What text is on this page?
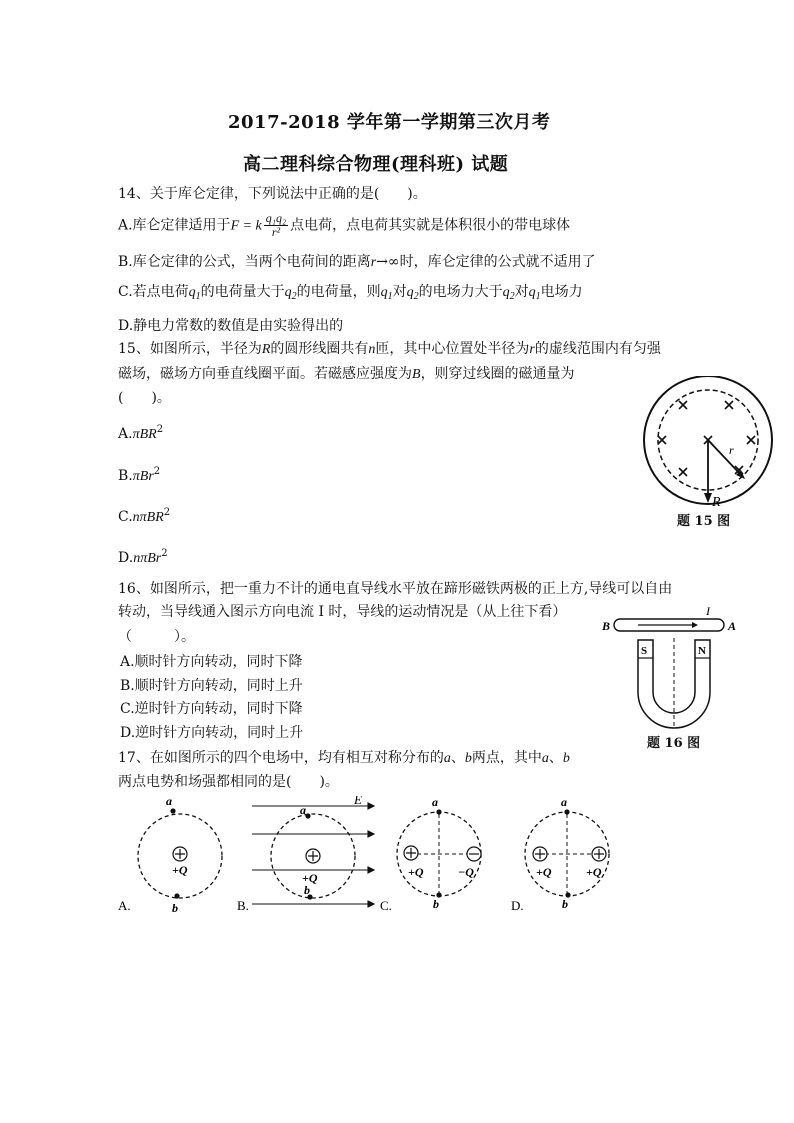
2017-2018 学年第一学期第三次月考
高二理科综合物理(理科班) 试题
14、关于库仑定律，下列说法中正确的是(　　)。
A.库仑定律适用于F = k $\frac{\text{q₁q₂}}{\text{r²}}$ 点电荷，点电荷其实就是体积很小的带电球体
B.库仑定律的公式，当两个电荷间的距离r→∞时，库仑定律的公式就不适用了
C.若点电荷$q_1$的电荷量大于$q_2$的电荷量，则$q_1$对$q_2$的电场力大于$q_2$对$q_1$电场力
D.静电力常数的数值是由实验得出的
15、如图所示，半径为R的圆形线圈共有n匝，其中心位置处半径为r的虚线范围内有匀强
磁场，磁场方向垂直线圈平面。若磁感应强度为B，则穿过线圈的磁通量为
(　　)。
A.πBR$^2$
B.πBr$^2$
C.nπBR$^2$
D.nπBr$^2$
r
R
题 15 图
16、如图所示，把一重力不计的通电直导线水平放在蹄形磁铁两极的正上方,导线可以自由
转动，当导线通入图示方向电流 I 时，导线的运动情况是（从上往下看）
（　　　）。
A.顺时针方向转动，同时下降
B.顺时针方向转动，同时上升
C.逆时针方向转动，同时下降
D.逆时针方向转动，同时上升
B	A
I
S	N
题 16 图
17、在如图所示的四个电场中，均有相互对称分布的a、b两点，其中a、b
两点电势和场强都相同的是(　　)。
a
+Q
b
A.
a
+Q
b
E
B.
a
+Q	−Q
b
C.
a
+Q	+Q
b
D.
